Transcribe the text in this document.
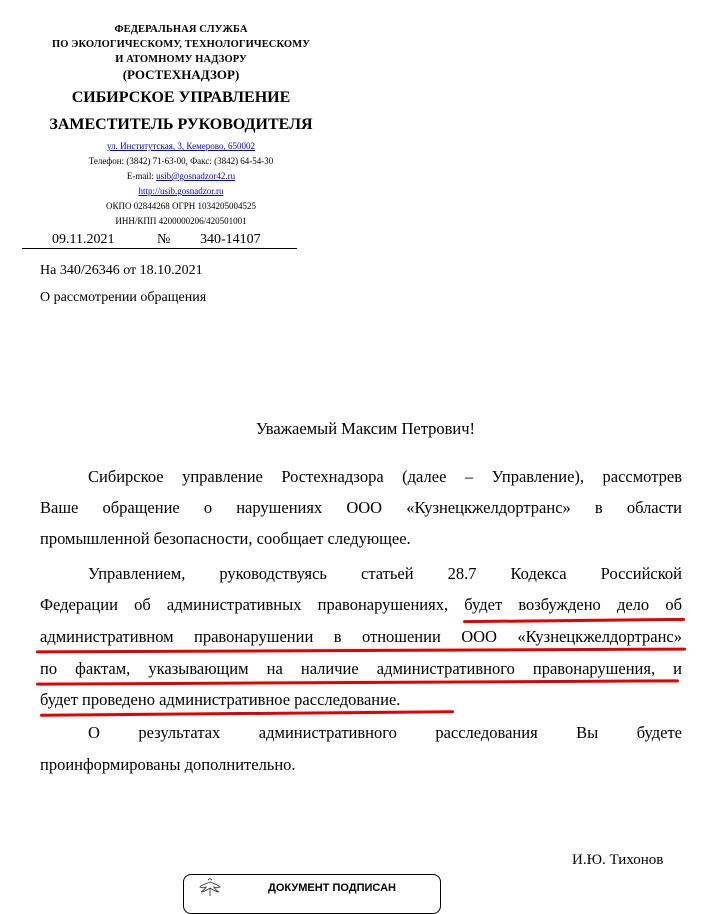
ФЕДЕРАЛЬНАЯ СЛУЖБА
ПО ЭКОЛОГИЧЕСКОМУ, ТЕХНОЛОГИЧЕСКОМУ
И АТОМНОМУ НАДЗОРУ
(РОСТЕХНАДЗОР)
СИБИРСКОЕ УПРАВЛЕНИЕ
ЗАМЕСТИТЕЛЬ РУКОВОДИТЕЛЯ
ул. Институтская, 3, Кемерово, 650002
Телефон: (3842) 71-63-00, Факс: (3842) 64-54-30
E-mail: usib@gosnadzor42.ru
http://usib.gosnadzor.ru
ОКПО 02844268 ОГРН 1034205004525
ИНН/КПП 4200000206/420501001
09.11.2021	№ 340-14107
На 340/26346 от 18.10.2021
О рассмотрении обращения
Уважаемый Максим Петрович!
Сибирское управление Ростехнадзора (далее – Управление), рассмотрев
Ваше обращение о нарушениях ООО «Кузнецкжелдортранс» в области
промышленной безопасности, сообщает следующее.
Управлением, руководствуясь статьей 28.7 Кодекса Российской
Федерации об административных правонарушениях, будет возбуждено дело об
административном правонарушении в отношении ООО «Кузнецкжелдортранс»
по фактам, указывающим на наличие административного правонарушения, и
будет проведено административное расследование.
О результатах административного расследования Вы будете
проинформированы дополнительно.
И.Ю. Тихонов
ДОКУМЕНТ ПОДПИСАН
